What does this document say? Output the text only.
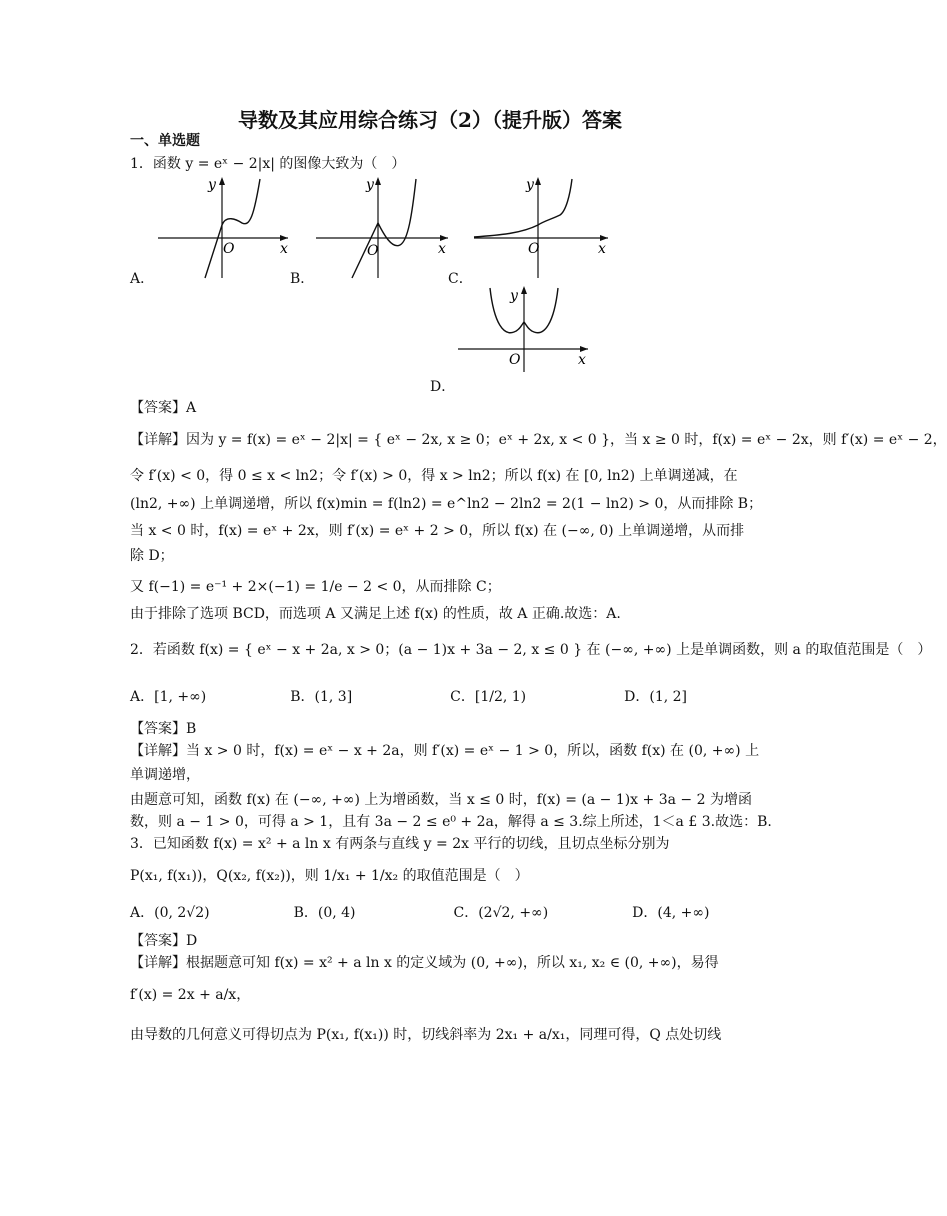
导数及其应用综合练习（2）（提升版）答案
一、单选题
1．函数 y = eˣ − 2|x| 的图像大致为（　）
y
x
O
A．
y
x
O
B．
y
x
O
C．
y
x
O
D．
【答案】A
【详解】因为 y = f(x) = eˣ − 2|x| = { eˣ − 2x, x ≥ 0；eˣ + 2x, x < 0 }，当 x ≥ 0 时，f(x) = eˣ − 2x，则 f′(x) = eˣ − 2，
令 f′(x) < 0，得 0 ≤ x < ln2；令 f′(x) > 0，得 x > ln2；所以 f(x) 在 [0, ln2) 上单调递减，在
(ln2, +∞) 上单调递增，所以 f(x)min = f(ln2) = e^ln2 − 2ln2 = 2(1 − ln2) > 0，从而排除 B；
当 x < 0 时，f(x) = eˣ + 2x，则 f′(x) = eˣ + 2 > 0，所以 f(x) 在 (−∞, 0) 上单调递增，从而排
除 D；
又 f(−1) = e⁻¹ + 2×(−1) = 1/e − 2 < 0，从而排除 C；
由于排除了选项 BCD，而选项 A 又满足上述 f(x) 的性质，故 A 正确.故选：A.
2．若函数 f(x) = { eˣ − x + 2a, x > 0；(a − 1)x + 3a − 2, x ≤ 0 } 在 (−∞, +∞) 上是单调函数，则 a 的取值范围是（　）
A．[1, +∞)　　　　　　B．(1, 3]　　　　　　　C．[1/2, 1)　　　　　　　D．(1, 2]
【答案】B
【详解】当 x > 0 时，f(x) = eˣ − x + 2a，则 f′(x) = eˣ − 1 > 0，所以，函数 f(x) 在 (0, +∞) 上
单调递增，
由题意可知，函数 f(x) 在 (−∞, +∞) 上为增函数，当 x ≤ 0 时，f(x) = (a − 1)x + 3a − 2 为增函
数，则 a − 1 > 0，可得 a > 1，且有 3a − 2 ≤ e⁰ + 2a，解得 a ≤ 3.综上所述，1＜a £ 3.故选：B.
3．已知函数 f(x) = x² + a ln x 有两条与直线 y = 2x 平行的切线，且切点坐标分别为
P(x₁, f(x₁))，Q(x₂, f(x₂))，则 1/x₁ + 1/x₂ 的取值范围是（　）
A．(0, 2√2)　　　　　　B．(0, 4)　　　　　　　C．(2√2, +∞)　　　　　　D．(4, +∞)
【答案】D
【详解】根据题意可知 f(x) = x² + a ln x 的定义域为 (0, +∞)，所以 x₁, x₂ ∈ (0, +∞)，易得
f′(x) = 2x + a/x，
由导数的几何意义可得切点为 P(x₁, f(x₁)) 时，切线斜率为 2x₁ + a/x₁，同理可得，Q 点处切线
